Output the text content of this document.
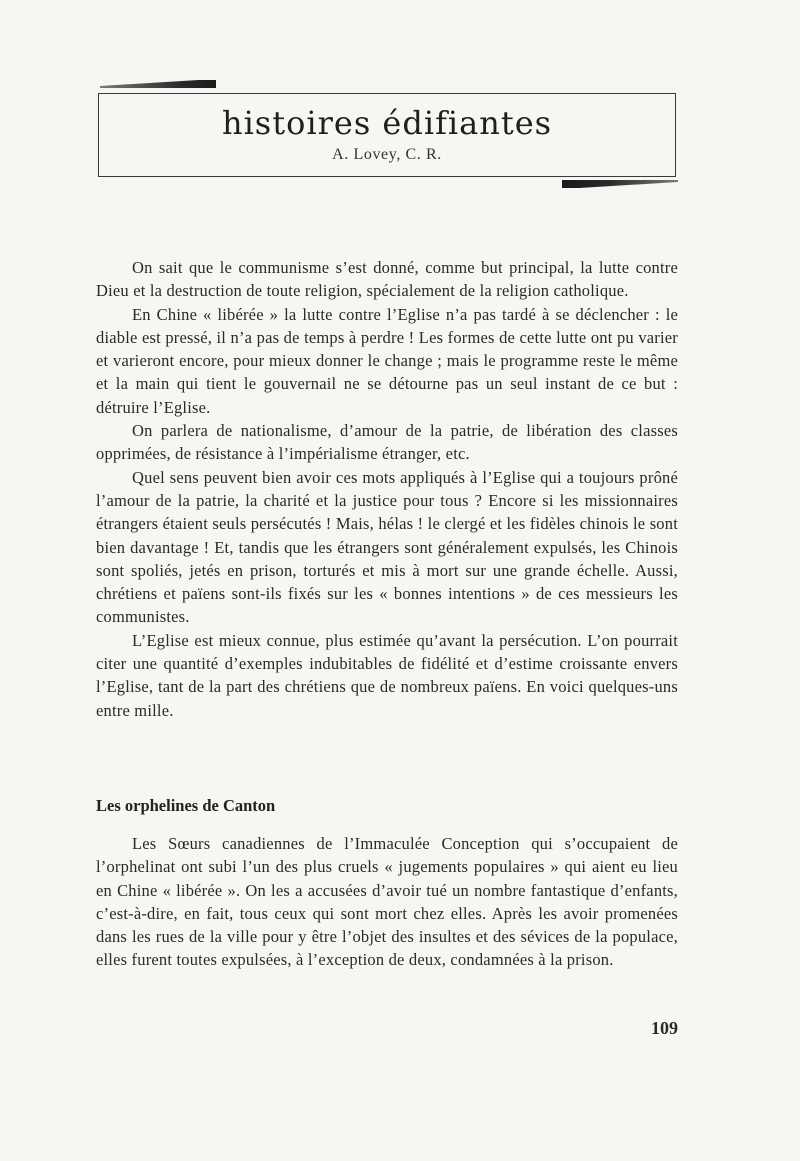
histoires édifiantes
A. Lovey, C. R.

On sait que le communisme s’est donné, comme but principal, la lutte contre Dieu et la destruction de toute religion, spécialement de la religion catholique.

En Chine « libérée » la lutte contre l’Eglise n’a pas tardé à se déclencher : le diable est pressé, il n’a pas de temps à perdre ! Les formes de cette lutte ont pu varier et varieront encore, pour mieux donner le change ; mais le programme reste le même et la main qui tient le gouvernail ne se détourne pas un seul instant de ce but : détruire l’Eglise.

On parlera de nationalisme, d’amour de la patrie, de libération des classes opprimées, de résistance à l’impérialisme étranger, etc.

Quel sens peuvent bien avoir ces mots appliqués à l’Eglise qui a toujours prôné l’amour de la patrie, la charité et la justice pour tous ? Encore si les missionnaires étrangers étaient seuls persécutés ! Mais, hélas ! le clergé et les fidèles chinois le sont bien davantage ! Et, tandis que les étrangers sont généralement expulsés, les Chinois sont spoliés, jetés en prison, torturés et mis à mort sur une grande échelle. Aussi, chrétiens et païens sont-ils fixés sur les « bonnes intentions » de ces messieurs les communistes.

L’Eglise est mieux connue, plus estimée qu’avant la persécution. L’on pourrait citer une quantité d’exemples indubitables de fidélité et d’estime croissante envers l’Eglise, tant de la part des chrétiens que de nombreux païens. En voici quelques-uns entre mille.

Les orphelines de Canton

Les Sœurs canadiennes de l’Immaculée Conception qui s’occupaient de l’orphelinat ont subi l’un des plus cruels « jugements populaires » qui aient eu lieu en Chine « libérée ». On les a accusées d’avoir tué un nombre fantastique d’enfants, c’est-à-dire, en fait, tous ceux qui sont mort chez elles. Après les avoir promenées dans les rues de la ville pour y être l’objet des insultes et des sévices de la populace, elles furent toutes expulsées, à l’exception de deux, condamnées à la prison.

109
